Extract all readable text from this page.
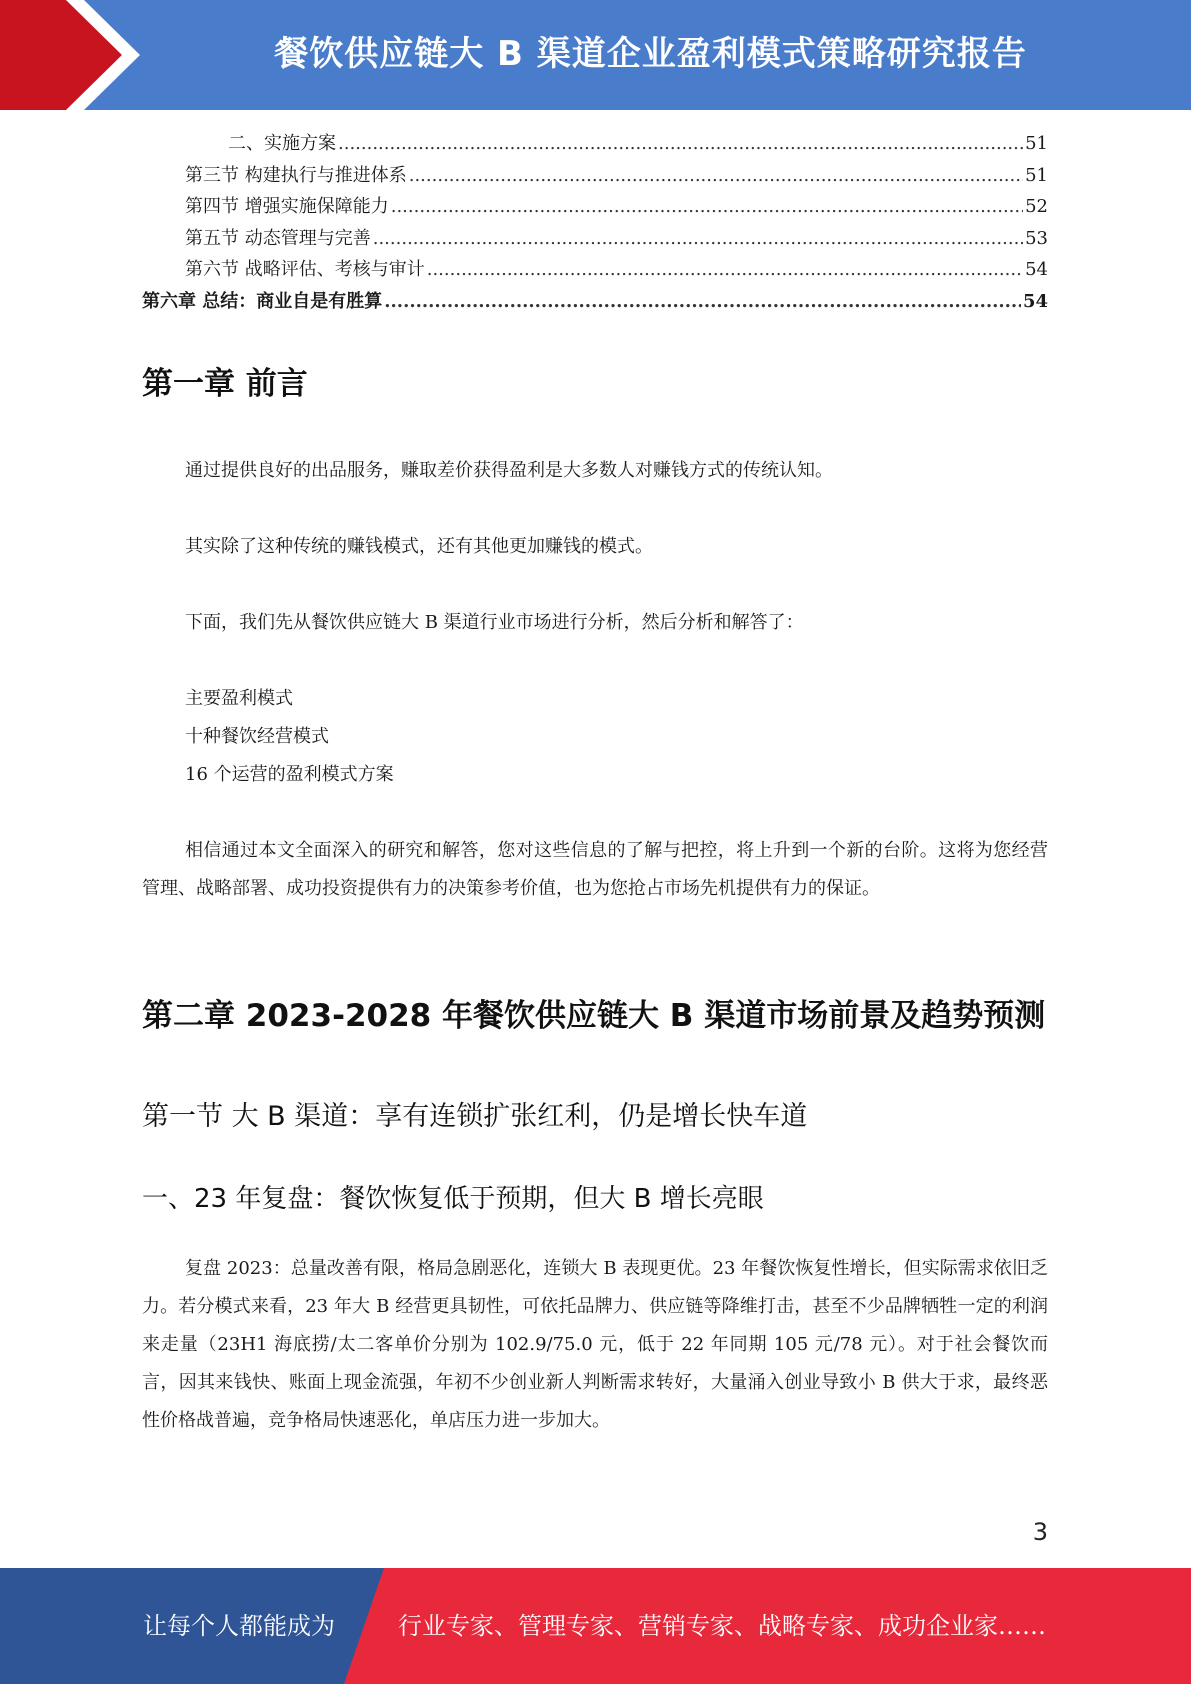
餐饮供应链大 B 渠道企业盈利模式策略研究报告
二、实施方案 .....	51
第三节 构建执行与推进体系 .....	51
第四节 增强实施保障能力 .....	52
第五节 动态管理与完善 .....	53
第六节 战略评估、考核与审计 .....	54
第六章 总结：商业自是有胜算 .....	54
第一章 前言
通过提供良好的出品服务，赚取差价获得盈利是大多数人对赚钱方式的传统认知。
其实除了这种传统的赚钱模式，还有其他更加赚钱的模式。
下面，我们先从餐饮供应链大 B 渠道行业市场进行分析，然后分析和解答了：
主要盈利模式
十种餐饮经营模式
16 个运营的盈利模式方案
相信通过本文全面深入的研究和解答，您对这些信息的了解与把控，将上升到一个新的台阶。这将为您经营管理、战略部署、成功投资提供有力的决策参考价值，也为您抢占市场先机提供有力的保证。
第二章 2023-2028 年餐饮供应链大 B 渠道市场前景及趋势预测
第一节 大 B 渠道：享有连锁扩张红利，仍是增长快车道
一、23 年复盘：餐饮恢复低于预期，但大 B 增长亮眼
复盘 2023：总量改善有限，格局急剧恶化，连锁大 B 表现更优。23 年餐饮恢复性增长，但实际需求依旧乏力。若分模式来看，23 年大 B 经营更具韧性，可依托品牌力、供应链等降维打击，甚至不少品牌牺牲一定的利润来走量（23H1 海底捞/太二客单价分别为 102.9/75.0 元，低于 22 年同期 105 元/78 元）。对于社会餐饮而言，因其来钱快、账面上现金流强，年初不少创业新人判断需求转好，大量涌入创业导致小 B 供大于求，最终恶性价格战普遍，竞争格局快速恶化，单店压力进一步加大。
3
让每个人都能成为	行业专家、管理专家、营销专家、战略专家、成功企业家……
